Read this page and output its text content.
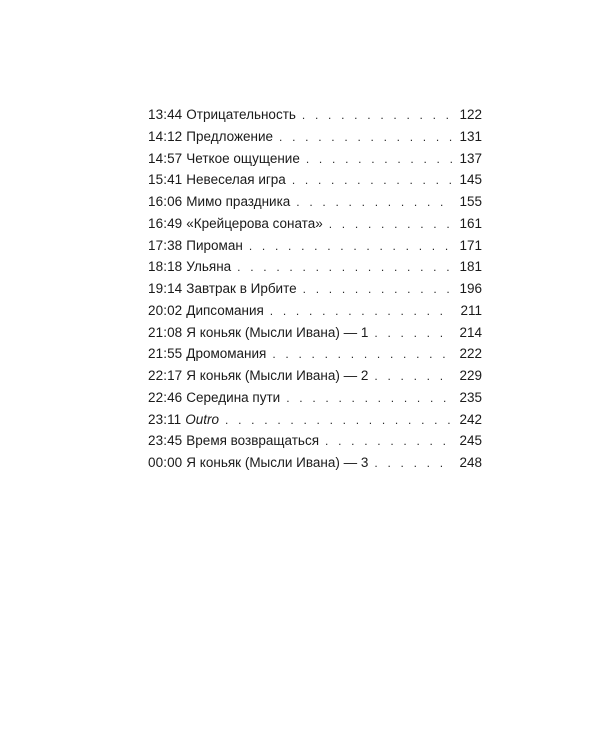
13:44 Отрицательность . . .	122
14:12 Предложение . . .	131
14:57 Четкое ощущение . . .	137
15:41 Невеселая игра . . .	145
16:06 Мимо праздника . . .	155
16:49 «Крейцерова соната» . . .	161
17:38 Пироман . . .	171
18:18 Ульяна . . .	181
19:14 Завтрак в Ирбите . . .	196
20:02 Дипсомания . . .	211
21:08 Я коньяк (Мысли Ивана) — 1 . . .	214
21:55 Дромомания . . .	222
22:17 Я коньяк (Мысли Ивана) — 2 . . .	229
22:46 Середина пути . . .	235
23:11 Outro . . .	242
23:45 Время возвращаться . . .	245
00:00 Я коньяк (Мысли Ивана) — 3 . . .	248
